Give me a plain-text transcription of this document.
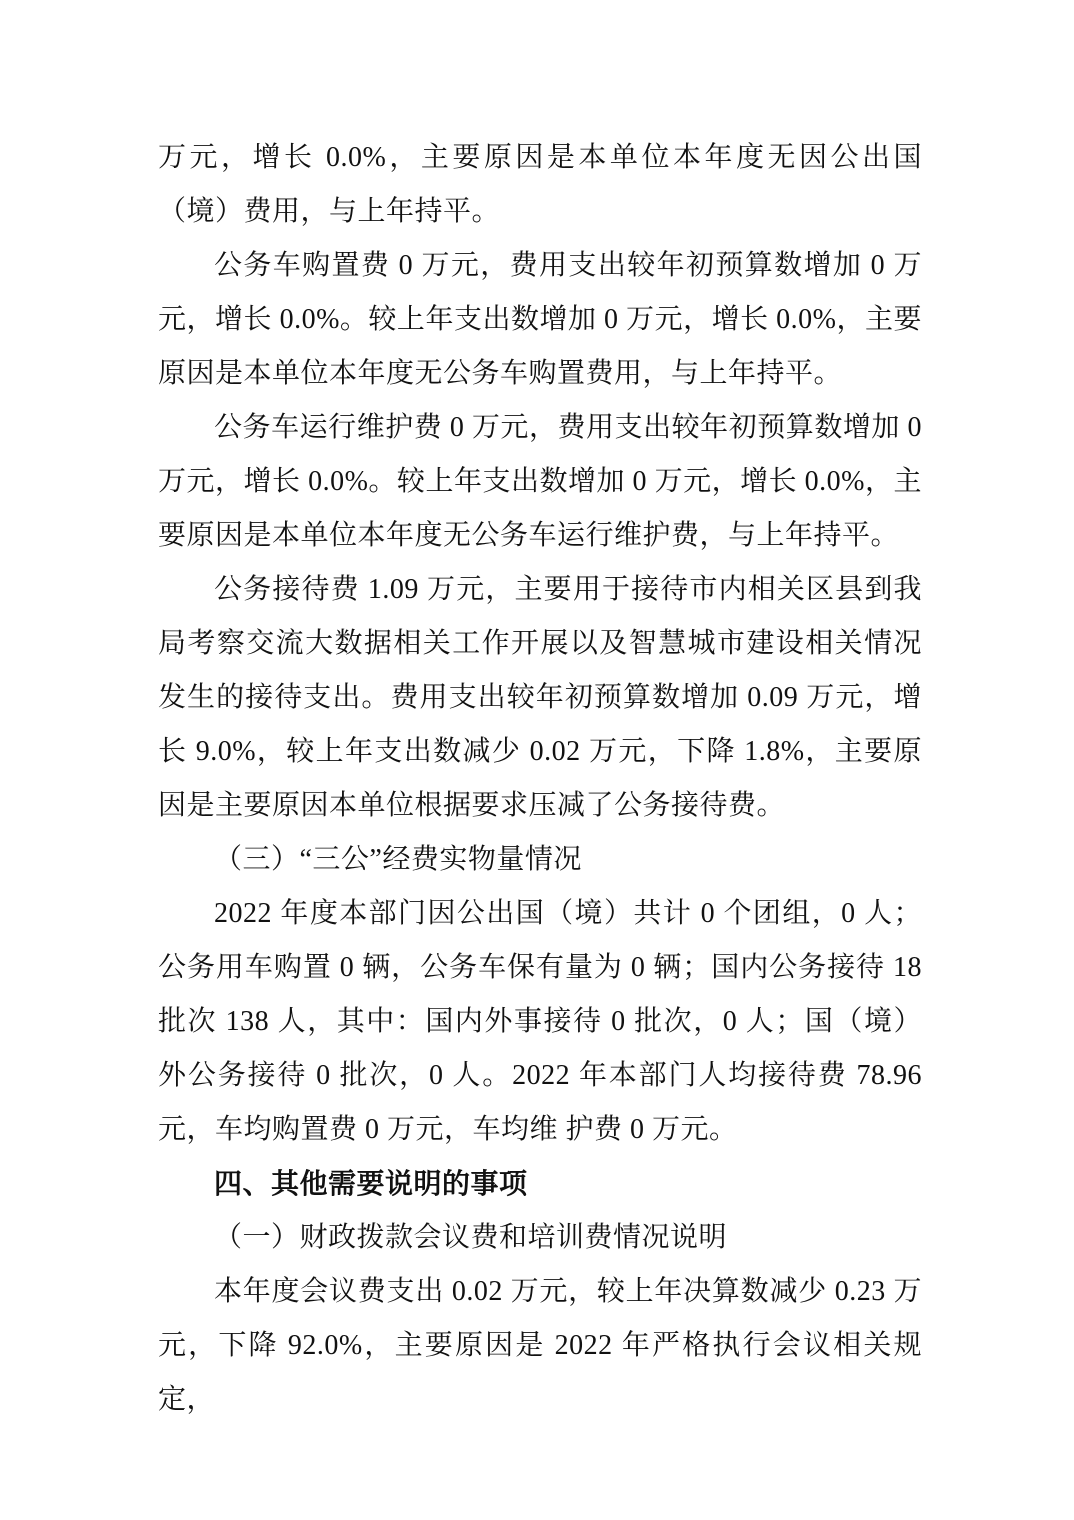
万元，增长 0.0%，主要原因是本单位本年度无因公出国（境）费用，与上年持平。

公务车购置费 0 万元，费用支出较年初预算数增加 0 万元，增长 0.0%。较上年支出数增加 0 万元，增长 0.0%，主要原因是本单位本年度无公务车购置费用，与上年持平。

公务车运行维护费 0 万元，费用支出较年初预算数增加 0 万元，增长 0.0%。较上年支出数增加 0 万元，增长 0.0%，主要原因是本单位本年度无公务车运行维护费，与上年持平。

公务接待费 1.09 万元，主要用于接待市内相关区县到我局考察交流大数据相关工作开展以及智慧城市建设相关情况发生的接待支出。费用支出较年初预算数增加 0.09 万元，增长 9.0%，较上年支出数减少 0.02 万元，下降 1.8%，主要原因是主要原因本单位根据要求压减了公务接待费。

（三）“三公”经费实物量情况

2022 年度本部门因公出国（境）共计 0 个团组，0 人；公务用车购置 0 辆，公务车保有量为 0 辆；国内公务接待 18 批次 138 人，其中：国内外事接待 0 批次，0 人；国（境）外公务接待 0 批次，0 人。2022 年本部门人均接待费 78.96 元，车均购置费 0 万元，车均维 护费 0 万元。

四、其他需要说明的事项

（一）财政拨款会议费和培训费情况说明

本年度会议费支出 0.02 万元，较上年决算数减少 0.23 万元，下降 92.0%，主要原因是 2022 年严格执行会议相关规定，
